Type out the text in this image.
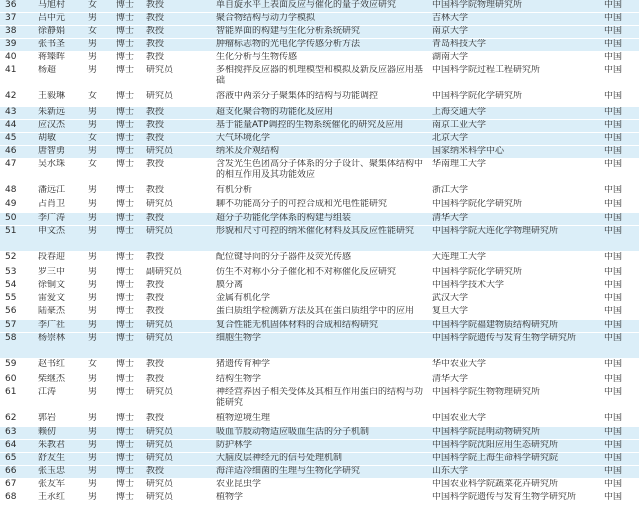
36	马旭村	女	博士	教授	单自旋水平上表面反应与催化的量子效应研究	中国科学院物理研究所	中国
37	吕中元	男	博士	教授	聚合物结构与动力学模拟	吉林大学	中国
38	徐静娟	女	博士	教授	智能界面的构建与生化分析系统研究	南京大学	中国
39	张书圣	男	博士	教授	肿瘤标志物的光电化学传感分析方法	青岛科技大学	中国
40	蒋臻晖	男	博士	教授	生化分析与生物传感	湖南大学	中国
41	杨超	男	博士	研究员	多相搅拌反应器的机理模型和模拟及新反应器应用基础
中国科学院过程工程研究所	中国
42	王毅琳	女	博士	研究员	溶液中两亲分子聚集体的结构与功能调控	中国科学院化学研究所	中国
43	朱新远	男	博士	教授	超支化聚合物的功能化及应用	上海交通大学	中国
44	应汉杰	男	博士	教授	基于能量ATP调控的生物系统催化的研究及应用	南京工业大学	中国
45	胡敏	女	博士	教授	大气环境化学	北京大学	中国
46	唐智勇	男	博士	研究员	纳米及介观结构	国家纳米科学中心	中国
47	吴水珠	女	博士	教授	含发光生色团高分子体系的分子设计、聚集体结构中的相互作用及其功能效应
华南理工大学	中国
48	潘远江	男	博士	教授	有机分析	浙江大学	中国
49	占肖卫	男	博士	研究员	聊不功能高分子的可控合成和光电性能研究	中国科学院化学研究所	中国
50	李广涛	男	博士	教授	超分子功能化学体系的构建与组装	清华大学	中国
51	申文杰	男	博士	研究员	形貌和尺寸可控的纳米催化材料及其反应性能研究	中国科学院大连化学物理研究所	中国
52	段春迎	男	博士	教授	配位键导向的分子器件及荧光传感	大连理工大学	中国
53	罗三中	男	博士	副研究员	仿生不对称小分子催化和不对称催化反应研究	中国科学院化学研究所	中国
54	徐铜文	男	博士	教授	膜分离	中国科学技术大学	中国
55	雷爱文	男	博士	教授	金属有机化学	武汉大学	中国
56	陆豪杰	男	博士	教授	蛋白质组学检测新方法及其在蛋白质组学中的应用	复旦大学	中国
57	李广社	男	博士	研究员	复合性能无机固体材料的合成和结构研究	中国科学院福建物质结构研究所	中国
58	杨崇林	男	博士	研究员	细胞生物学	中国科学院遗传与发育生物学研究所	中国
59	赵书红	女	博士	教授	猪遗传育种学	华中农业大学	中国
60	柴继杰	男	博士	教授	结构生物学	清华大学	中国
61	江涛	男	博士	研究员	神经营养因子相关受体及其相互作用蛋白的结构与功能研究
中国科学院生物物理研究所	中国
62	郭岩	男	博士	教授	植物逆境生理	中国农业大学	中国
63	赖仞	男	博士	研究员	吸血节肢动物适应吸血生活的分子机制	中国科学院昆明动物研究所	中国
64	朱教君	男	博士	研究员	防护林学	中国科学院沈阳应用生态研究所	中国
65	舒友生	男	博士	研究员	大脑皮层神经元的信号处理机制	中国科学院上海生命科学研究院	中国
66	张玉忠	男	博士	教授	海洋适冷细菌的生理与生物化学研究	山东大学	中国
67	张友军	男	博士	研究员	农业昆虫学	中国农业科学院蔬菜花卉研究所	中国
68	王永红	男	博士	研究员	植物学	中国科学院遗传与发育生物学研究所	中国
